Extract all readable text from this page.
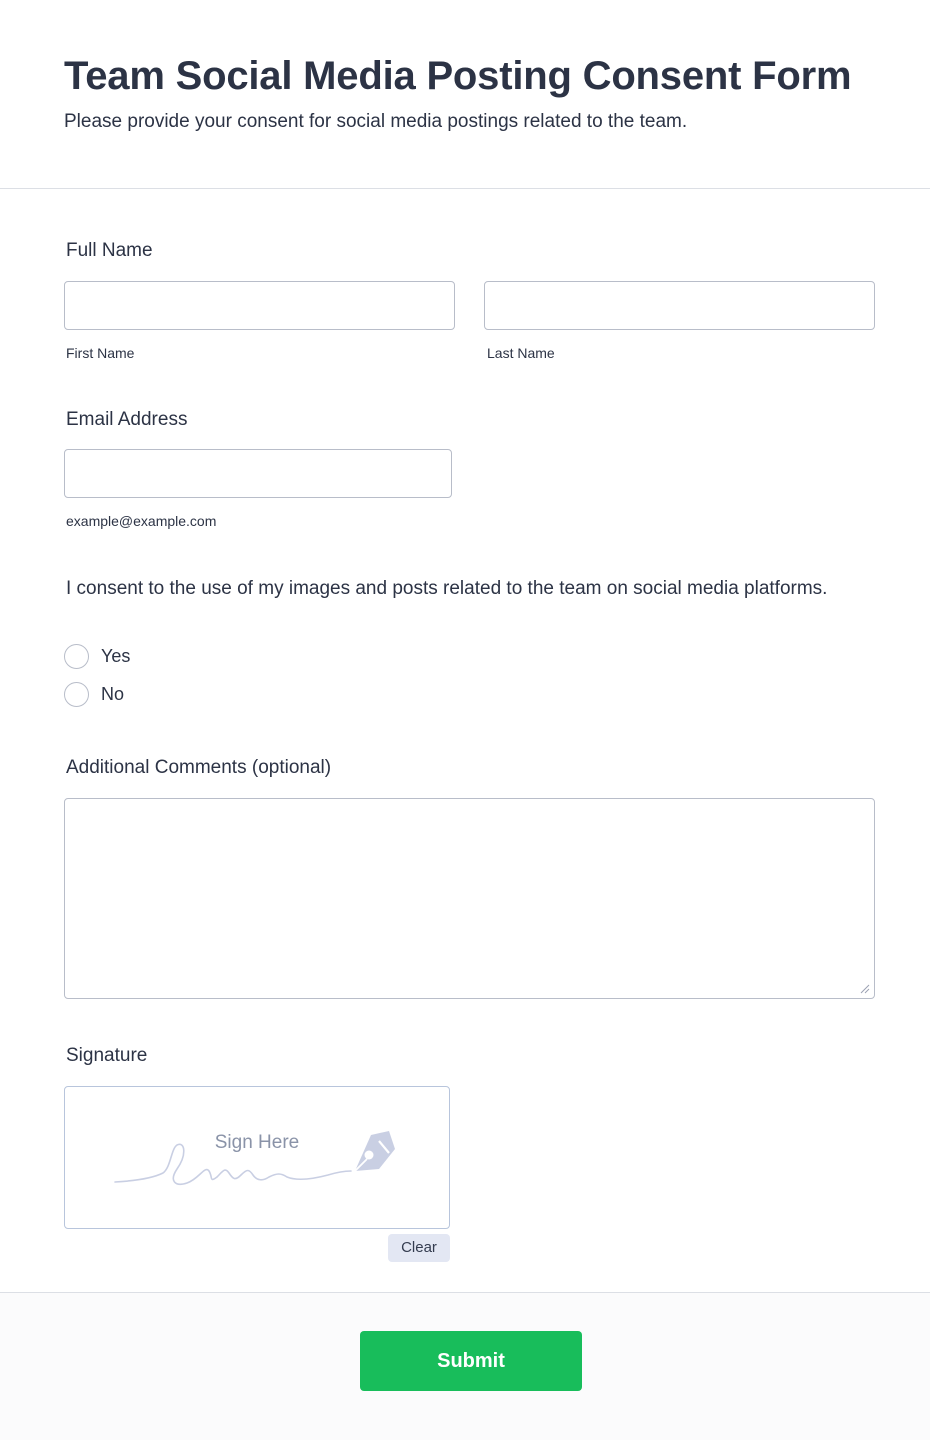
Team Social Media Posting Consent Form
Please provide your consent for social media postings related to the team.
Full Name
First Name	Last Name
Email Address
example@example.com
I consent to the use of my images and posts related to the team on social media platforms.
Yes
No
Additional Comments (optional)
Signature
Sign Here
Clear
Submit
